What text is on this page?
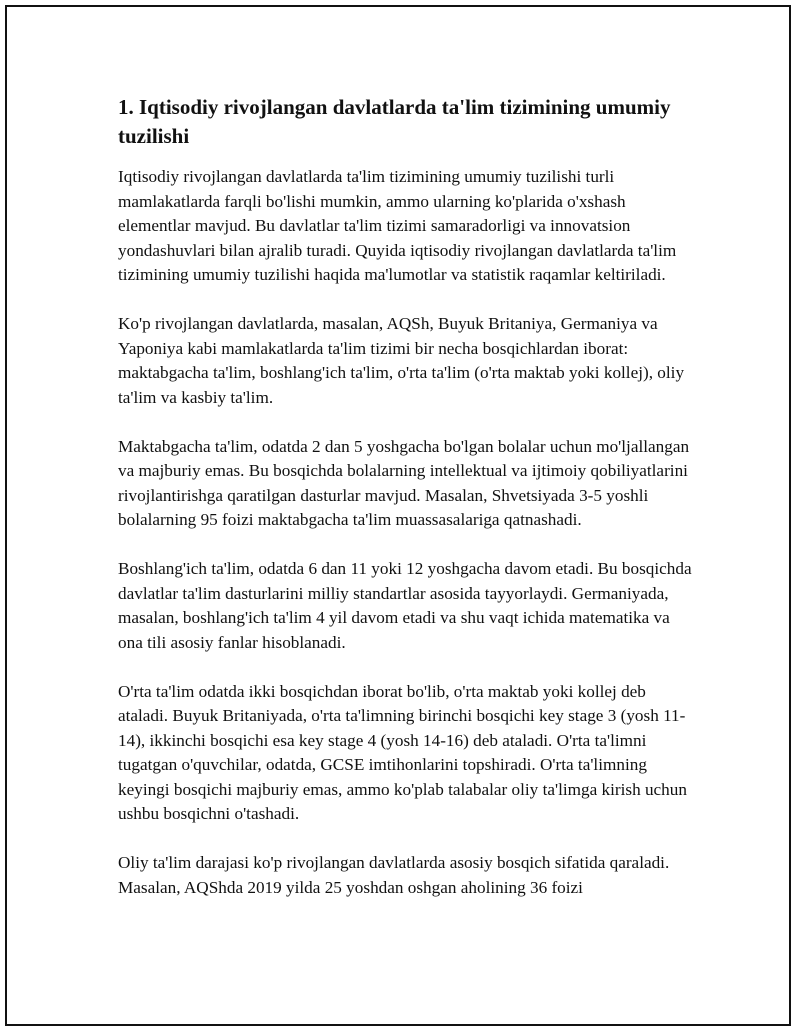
1. Iqtisodiy rivojlangan davlatlarda ta'lim tizimining umumiy tuzilishi

Iqtisodiy rivojlangan davlatlarda ta'lim tizimining umumiy tuzilishi turli mamlakatlarda farqli bo'lishi mumkin, ammo ularning ko'plarida o'xshash elementlar mavjud. Bu davlatlar ta'lim tizimi samaradorligi va innovatsion yondashuvlari bilan ajralib turadi. Quyida iqtisodiy rivojlangan davlatlarda ta'lim tizimining umumiy tuzilishi haqida ma'lumotlar va statistik raqamlar keltiriladi.

Ko'p rivojlangan davlatlarda, masalan, AQSh, Buyuk Britaniya, Germaniya va Yaponiya kabi mamlakatlarda ta'lim tizimi bir necha bosqichlardan iborat: maktabgacha ta'lim, boshlang'ich ta'lim, o'rta ta'lim (o'rta maktab yoki kollej), oliy ta'lim va kasbiy ta'lim.

Maktabgacha ta'lim, odatda 2 dan 5 yoshgacha bo'lgan bolalar uchun mo'ljallangan va majburiy emas. Bu bosqichda bolalarning intellektual va ijtimoiy qobiliyatlarini rivojlantirishga qaratilgan dasturlar mavjud. Masalan, Shvetsiyada 3-5 yoshli bolalarning 95 foizi maktabgacha ta'lim muassasalariga qatnashadi.

Boshlang'ich ta'lim, odatda 6 dan 11 yoki 12 yoshgacha davom etadi. Bu bosqichda davlatlar ta'lim dasturlarini milliy standartlar asosida tayyorlaydi. Germaniyada, masalan, boshlang'ich ta'lim 4 yil davom etadi va shu vaqt ichida matematika va ona tili asosiy fanlar hisoblanadi.

O'rta ta'lim odatda ikki bosqichdan iborat bo'lib, o'rta maktab yoki kollej deb ataladi. Buyuk Britaniyada, o'rta ta'limning birinchi bosqichi key stage 3 (yosh 11-14), ikkinchi bosqichi esa key stage 4 (yosh 14-16) deb ataladi. O'rta ta'limni tugatgan o'quvchilar, odatda, GCSE imtihonlarini topshiradi. O'rta ta'limning keyingi bosqichi majburiy emas, ammo ko'plab talabalar oliy ta'limga kirish uchun ushbu bosqichni o'tashadi.

Oliy ta'lim darajasi ko'p rivojlangan davlatlarda asosiy bosqich sifatida qaraladi. Masalan, AQShda 2019 yilda 25 yoshdan oshgan aholining 36 foizi
